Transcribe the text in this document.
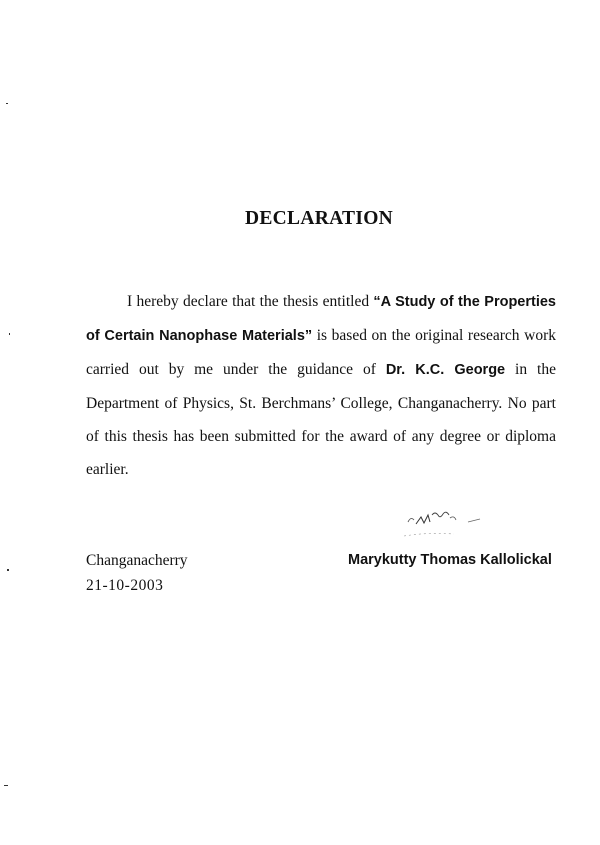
DECLARATION

I hereby declare that the thesis entitled “A Study of the Properties of Certain Nanophase Materials” is based on the original research work carried out by me under the guidance of Dr. K.C. George in the Department of Physics, St. Berchmans’ College, Changanacherry. No part of this thesis has been submitted for the award of any degree or diploma earlier.

Changanacherry

21-10-2003

Marykutty Thomas Kallolickal
